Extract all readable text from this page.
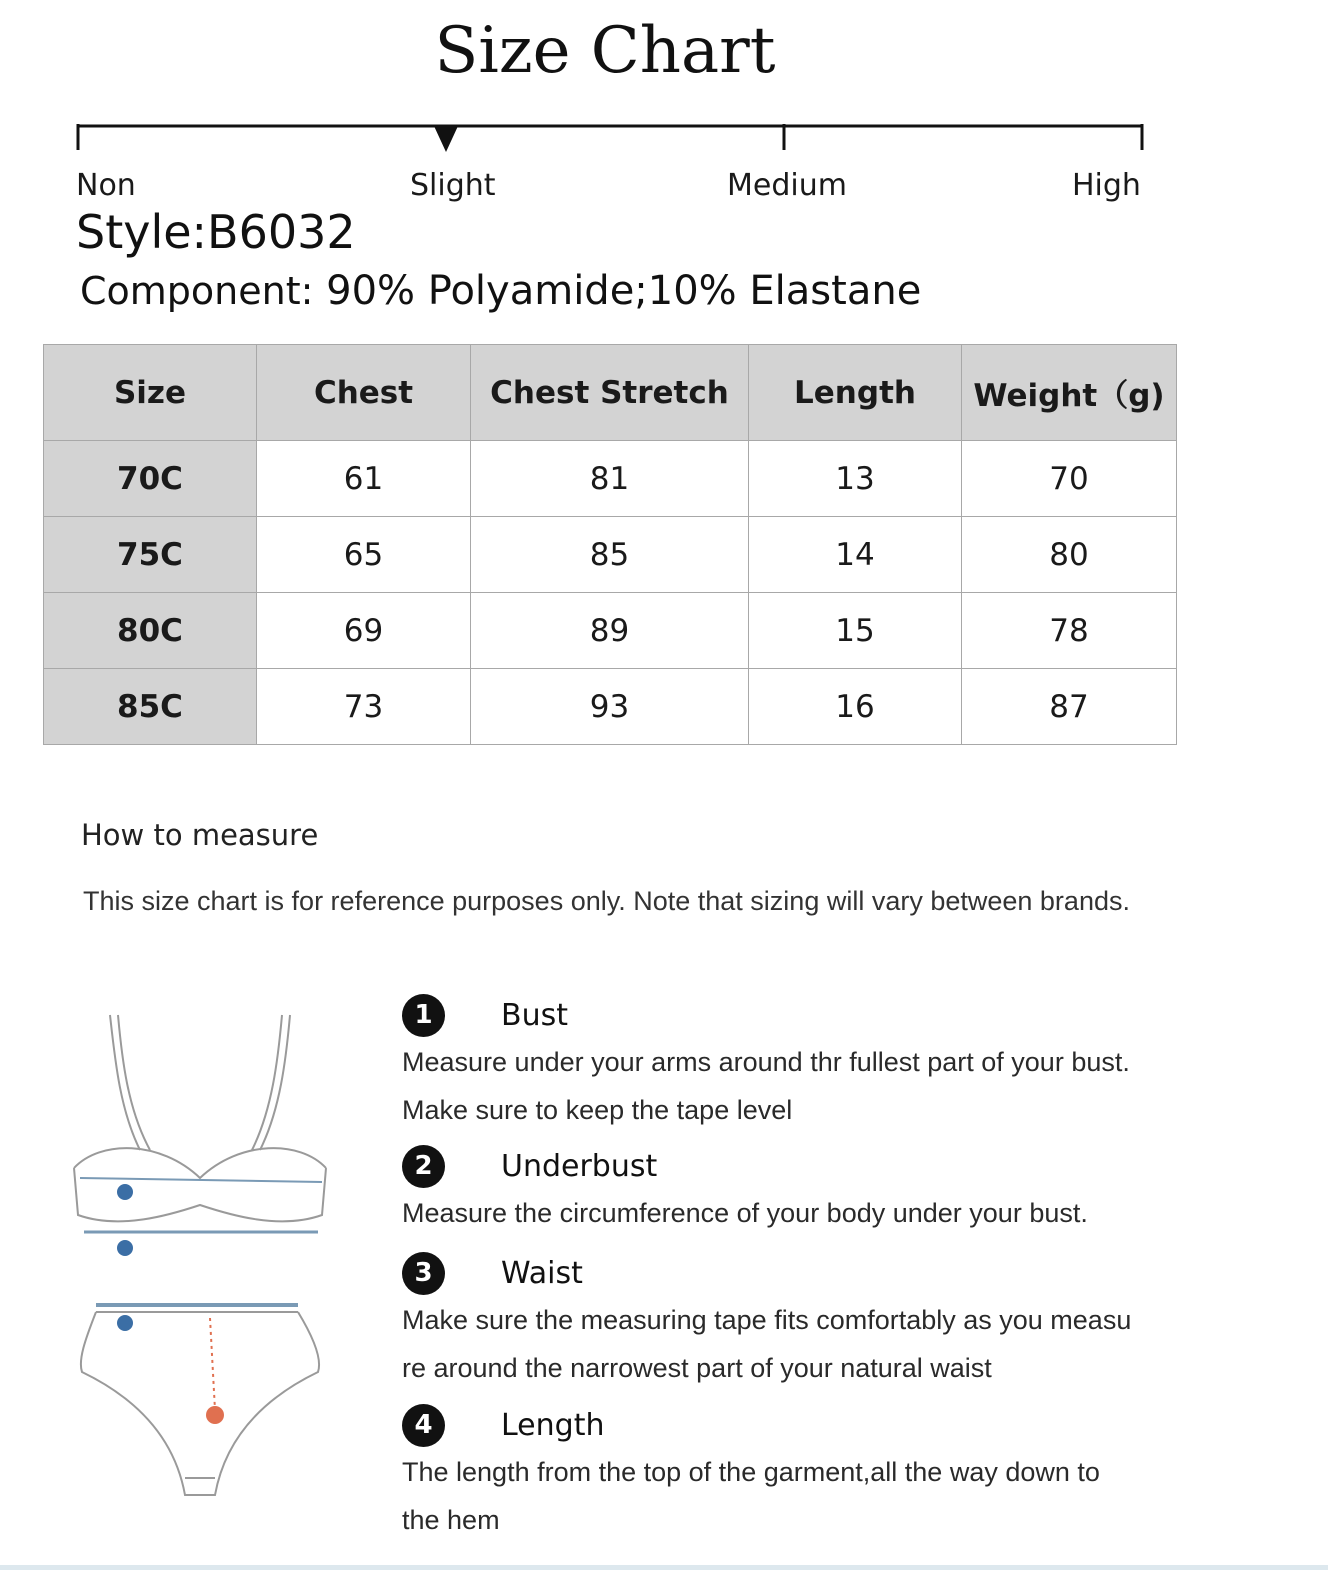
Size Chart
Non	Slight	Medium	High
Style:B6032
Component: 90% Polyamide;10% Elastane
Size	Chest	Chest Stretch	Length	Weight（g)
70C	61	81	13	70
75C	65	85	14	80
80C	69	89	15	78
85C	73	93	16	87
How to measure
This size chart is for reference purposes only. Note that sizing will vary between brands.
1	Bust

Measure under your arms around thr fullest part of your bust.
Make sure to keep the tape level

2	Underbust

Measure the circumference of your body under your bust.

3	Waist

Make sure the measuring tape fits comfortably as you measu
re around the narrowest part of your natural waist

4	Length

The length from the top of the garment,all the way down to
the hem
